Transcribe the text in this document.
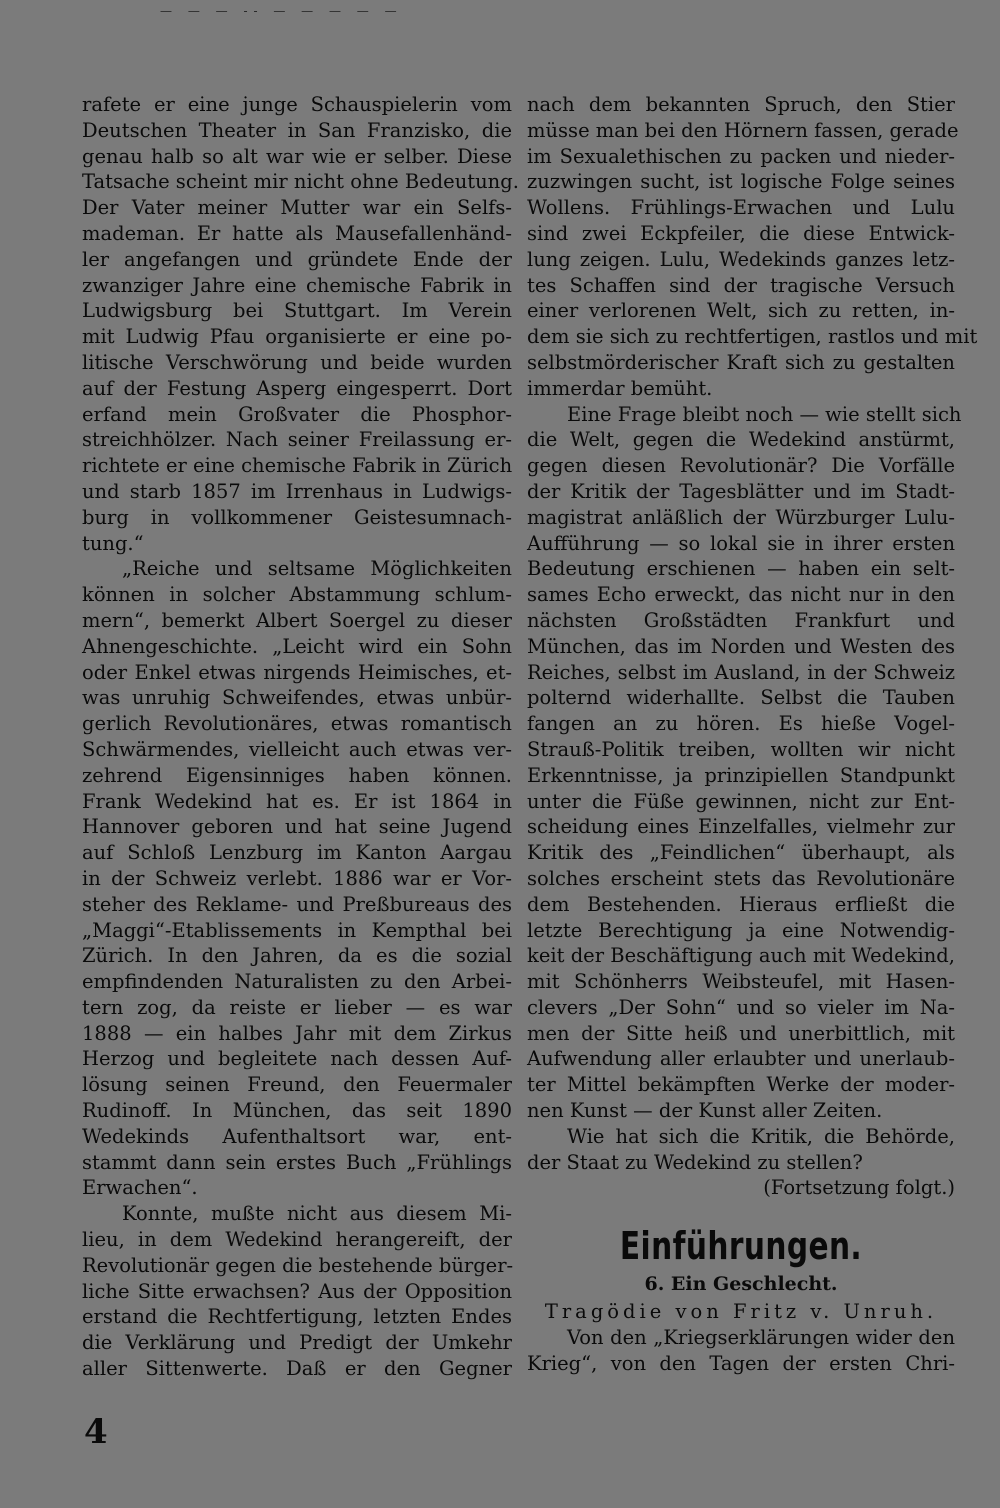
— — — -- — — — — —
rafete er eine junge Schauspielerin vom
Deutschen Theater in San Franzisko, die
genau halb so alt war wie er selber. Diese
Tatsache scheint mir nicht ohne Bedeutung.
Der Vater meiner Mutter war ein Selfs-
mademan. Er hatte als Mausefallenhänd-
ler angefangen und gründete Ende der
zwanziger Jahre eine chemische Fabrik in
Ludwigsburg bei Stuttgart. Im Verein
mit Ludwig Pfau organisierte er eine po-
litische Verschwörung und beide wurden
auf der Festung Asperg eingesperrt. Dort
erfand mein Großvater die Phosphor-
streichhölzer. Nach seiner Freilassung er-
richtete er eine chemische Fabrik in Zürich
und starb 1857 im Irrenhaus in Ludwigs-
burg in vollkommener Geistesumnach-
tung.“
„Reiche und seltsame Möglichkeiten
können in solcher Abstammung schlum-
mern“, bemerkt Albert Soergel zu dieser
Ahnengeschichte. „Leicht wird ein Sohn
oder Enkel etwas nirgends Heimisches, et-
was unruhig Schweifendes, etwas unbür-
gerlich Revolutionäres, etwas romantisch
Schwärmendes, vielleicht auch etwas ver-
zehrend Eigensinniges haben können.
Frank Wedekind hat es. Er ist 1864 in
Hannover geboren und hat seine Jugend
auf Schloß Lenzburg im Kanton Aargau
in der Schweiz verlebt. 1886 war er Vor-
steher des Reklame- und Preßbureaus des
„Maggi“-Etablissements in Kempthal bei
Zürich. In den Jahren, da es die sozial
empfindenden Naturalisten zu den Arbei-
tern zog, da reiste er lieber — es war
1888 — ein halbes Jahr mit dem Zirkus
Herzog und begleitete nach dessen Auf-
lösung seinen Freund, den Feuermaler
Rudinoff. In München, das seit 1890
Wedekinds Aufenthaltsort war, ent-
stammt dann sein erstes Buch „Frühlings
Erwachen“.
Konnte, mußte nicht aus diesem Mi-
lieu, in dem Wedekind herangereift, der
Revolutionär gegen die bestehende bürger-
liche Sitte erwachsen? Aus der Opposition
erstand die Rechtfertigung, letzten Endes
die Verklärung und Predigt der Umkehr
aller Sittenwerte. Daß er den Gegner
nach dem bekannten Spruch, den Stier
müsse man bei den Hörnern fassen, gerade
im Sexualethischen zu packen und nieder-
zuzwingen sucht, ist logische Folge seines
Wollens. Frühlings-Erwachen und Lulu
sind zwei Eckpfeiler, die diese Entwick-
lung zeigen. Lulu, Wedekinds ganzes letz-
tes Schaffen sind der tragische Versuch
einer verlorenen Welt, sich zu retten, in-
dem sie sich zu rechtfertigen, rastlos und mit
selbstmörderischer Kraft sich zu gestalten
immerdar bemüht.
Eine Frage bleibt noch — wie stellt sich
die Welt, gegen die Wedekind anstürmt,
gegen diesen Revolutionär? Die Vorfälle
der Kritik der Tagesblätter und im Stadt-
magistrat anläßlich der Würzburger Lulu-
Aufführung — so lokal sie in ihrer ersten
Bedeutung erschienen — haben ein selt-
sames Echo erweckt, das nicht nur in den
nächsten Großstädten Frankfurt und
München, das im Norden und Westen des
Reiches, selbst im Ausland, in der Schweiz
polternd widerhallte. Selbst die Tauben
fangen an zu hören. Es hieße Vogel-
Strauß-Politik treiben, wollten wir nicht
Erkenntnisse, ja prinzipiellen Standpunkt
unter die Füße gewinnen, nicht zur Ent-
scheidung eines Einzelfalles, vielmehr zur
Kritik des „Feindlichen“ überhaupt, als
solches erscheint stets das Revolutionäre
dem Bestehenden. Hieraus erfließt die
letzte Berechtigung ja eine Notwendig-
keit der Beschäftigung auch mit Wedekind,
mit Schönherrs Weibsteufel, mit Hasen-
clevers „Der Sohn“ und so vieler im Na-
men der Sitte heiß und unerbittlich, mit
Aufwendung aller erlaubter und unerlaub-
ter Mittel bekämpften Werke der moder-
nen Kunst — der Kunst aller Zeiten.
Wie hat sich die Kritik, die Behörde,
der Staat zu Wedekind zu stellen?
(Fortsetzung folgt.)
Einführungen.
6. Ein Geschlecht.
Tragödie von Fritz v. Unruh.
Von den „Kriegserklärungen wider den
Krieg“, von den Tagen der ersten Chri-
4
